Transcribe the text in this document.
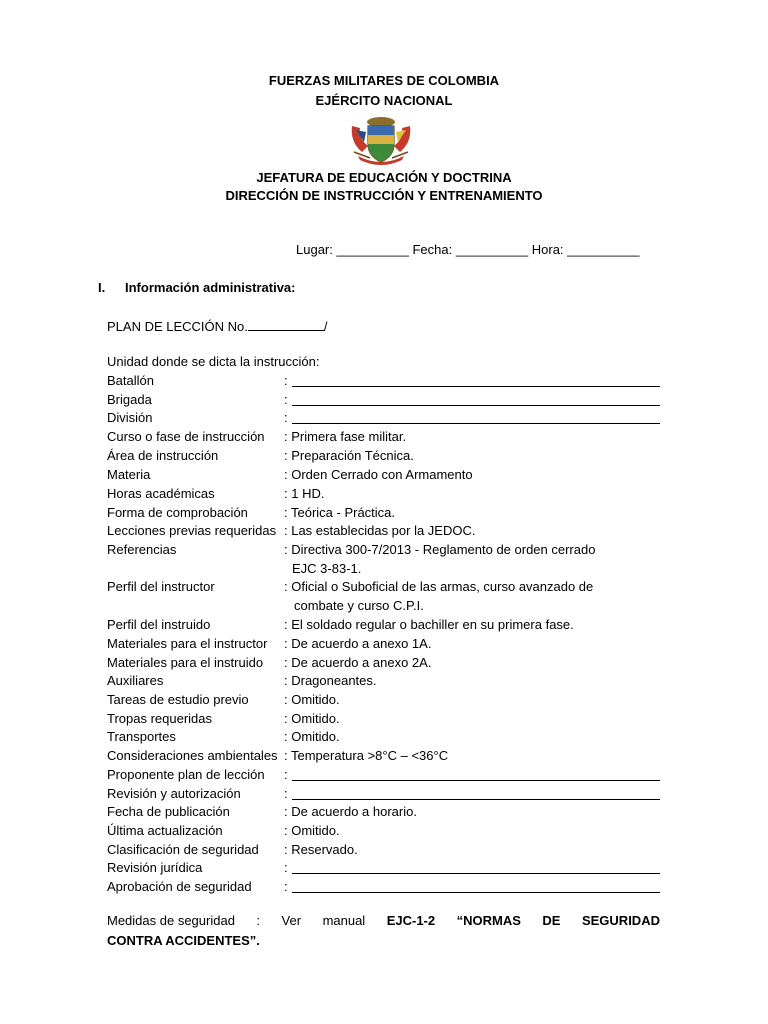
FUERZAS MILITARES DE COLOMBIA
EJÉRCITO NACIONAL
JEFATURA DE EDUCACIÓN Y DOCTRINA
DIRECCIÓN DE INSTRUCCIÓN Y ENTRENAMIENTO
Lugar: __________ Fecha: __________ Hora: __________
I. Información administrativa:
PLAN DE LECCIÓN No.	/
Unidad donde se dicta la instrucción:
Batallón	:
Brigada	:
División	:
Curso o fase de instrucción : Primera fase militar.
Área de instrucción	: Preparación Técnica.
Materia	: Orden Cerrado con Armamento
Horas académicas	: 1 HD.
Forma de comprobación	: Teórica - Práctica.
Lecciones previas requeridas : Las establecidas por la JEDOC.
Referencias	: Directiva 300-7/2013 - Reglamento de orden cerrado
EJC 3-83-1.
Perfil del instructor	: Oficial o Suboficial de las armas, curso avanzado de
combate y curso C.P.I.
Perfil del instruido	: El soldado regular o bachiller en su primera fase.
Materiales para el instructor : De acuerdo a anexo 1A.
Materiales para el instruido : De acuerdo a anexo 2A.
Auxiliares	: Dragoneantes.
Tareas de estudio previo	: Omitido.
Tropas requeridas	: Omitido.
Transportes	: Omitido.
Consideraciones ambientales : Temperatura >8°C – <36°C
Proponente plan de lección :
Revisión y autorización	:
Fecha de publicación	: De acuerdo a horario.
Última actualización	: Omitido.
Clasificación de seguridad : Reservado.
Revisión jurídica	:
Aprobación de seguridad :
Medidas de seguridad : Ver manual EJC-1-2 “NORMAS DE SEGURIDAD
CONTRA ACCIDENTES”.
